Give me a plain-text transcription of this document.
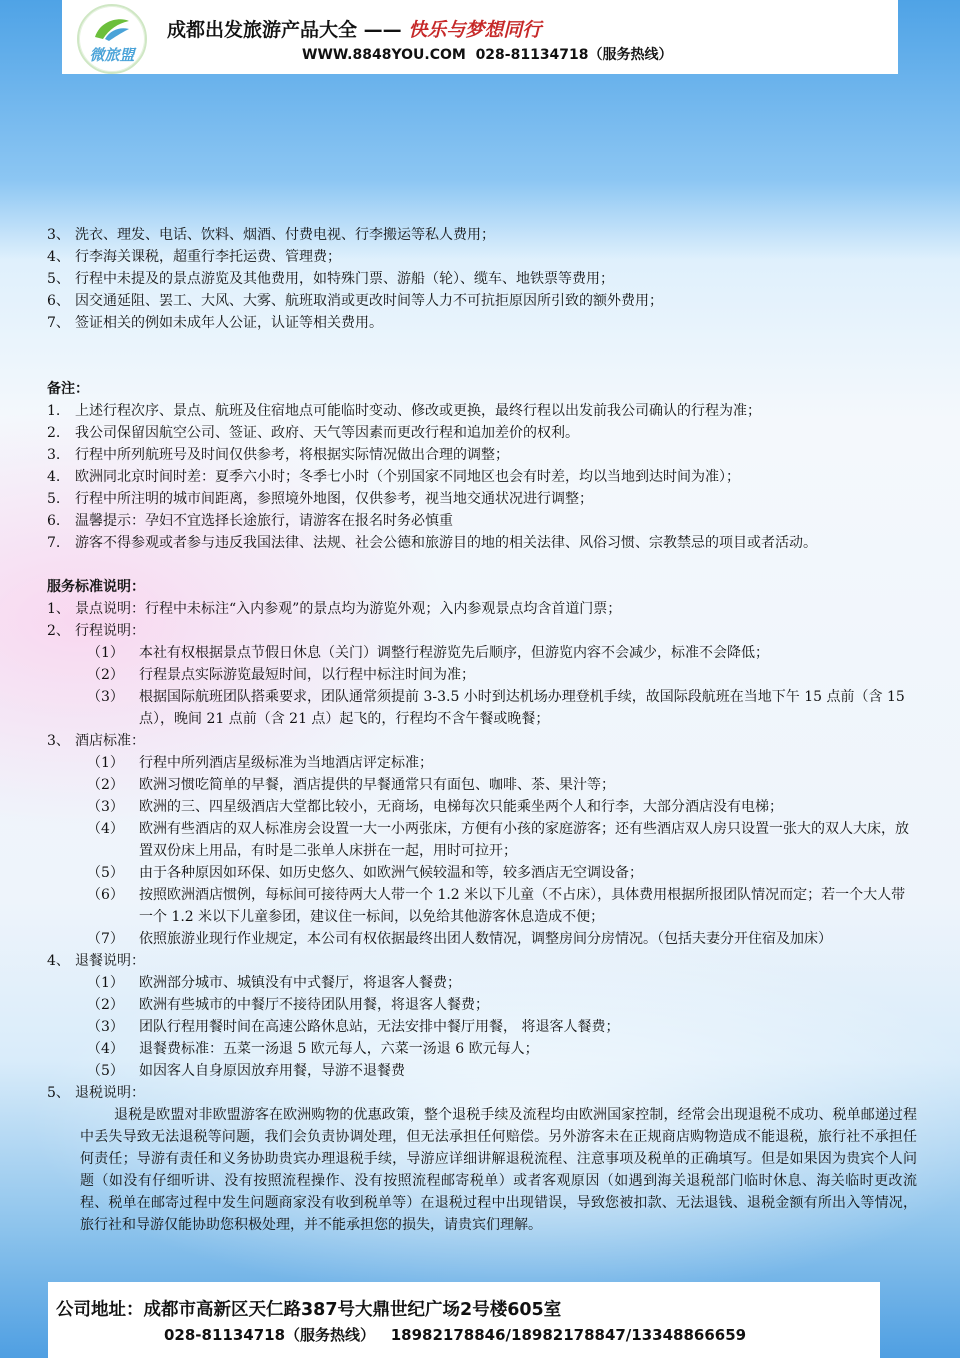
微旅盟
成都出发旅游产品大全 —— 快乐与梦想同行
WWW.8848YOU.COM 028-81134718（服务热线）
3、 洗衣、理发、电话、饮料、烟酒、付费电视、行李搬运等私人费用；
4、 行李海关课税，超重行李托运费、管理费；
5、 行程中未提及的景点游览及其他费用，如特殊门票、游船（轮）、缆车、地铁票等费用；
6、 因交通延阻、罢工、大风、大雾、航班取消或更改时间等人力不可抗拒原因所引致的额外费用；
7、 签证相关的例如未成年人公证，认证等相关费用。
备注：
1.	上述行程次序、景点、航班及住宿地点可能临时变动、修改或更换，最终行程以出发前我公司确认的行程为准；
2.	我公司保留因航空公司、签证、政府、天气等因素而更改行程和追加差价的权利。
3.	行程中所列航班号及时间仅供参考，将根据实际情况做出合理的调整；
4.	欧洲同北京时间时差：夏季六小时；冬季七小时（个别国家不同地区也会有时差，均以当地到达时间为准）；
5.	行程中所注明的城市间距离，参照境外地图，仅供参考，视当地交通状况进行调整；
6.	温馨提示：孕妇不宜选择长途旅行，请游客在报名时务必慎重
7.	游客不得参观或者参与违反我国法律、法规、社会公德和旅游目的地的相关法律、风俗习惯、宗教禁忌的项目或者活动。
服务标准说明：
1、 景点说明：行程中未标注“入内参观”的景点均为游览外观；入内参观景点均含首道门票；
2、 行程说明：
（1）	本社有权根据景点节假日休息（关门）调整行程游览先后顺序，但游览内容不会减少，标准不会降低；
（2）	行程景点实际游览最短时间，以行程中标注时间为准；
（3）	根据国际航班团队搭乘要求，团队通常须提前 3-3.5 小时到达机场办理登机手续，故国际段航班在当地下午 15 点前（含 15 点），晚间 21 点前（含 21 点）起飞的，行程均不含午餐或晚餐；
3、 酒店标准：
（1）	行程中所列酒店星级标准为当地酒店评定标准；
（2）	欧洲习惯吃简单的早餐，酒店提供的早餐通常只有面包、咖啡、茶、果汁等；
（3）	欧洲的三、四星级酒店大堂都比较小，无商场，电梯每次只能乘坐两个人和行李，大部分酒店没有电梯；
（4）	欧洲有些酒店的双人标准房会设置一大一小两张床，方便有小孩的家庭游客；还有些酒店双人房只设置一张大的双人大床，放置双份床上用品，有时是二张单人床拼在一起，用时可拉开；
（5）	由于各种原因如环保、如历史悠久、如欧洲气候较温和等，较多酒店无空调设备；
（6）	按照欧洲酒店惯例，每标间可接待两大人带一个 1.2 米以下儿童（不占床），具体费用根据所报团队情况而定；若一个大人带一个 1.2 米以下儿童参团，建议住一标间，以免给其他游客休息造成不便；
（7）	依照旅游业现行作业规定，本公司有权依据最终出团人数情况，调整房间分房情况。（包括夫妻分开住宿及加床）
4、 退餐说明：
（1）	欧洲部分城市、城镇没有中式餐厅，将退客人餐费；
（2）	欧洲有些城市的中餐厅不接待团队用餐，将退客人餐费；
（3）	团队行程用餐时间在高速公路休息站，无法安排中餐厅用餐， 将退客人餐费；
（4）	退餐费标准：五菜一汤退 5 欧元每人，六菜一汤退 6 欧元每人；
（5）	如因客人自身原因放弃用餐，导游不退餐费
5、 退税说明：
退税是欧盟对非欧盟游客在欧洲购物的优惠政策，整个退税手续及流程均由欧洲国家控制，经常会出现退税不成功、税单邮递过程中丢失导致无法退税等问题，我们会负责协调处理，但无法承担任何赔偿。另外游客未在正规商店购物造成不能退税，旅行社不承担任何责任；导游有责任和义务协助贵宾办理退税手续，导游应详细讲解退税流程、注意事项及税单的正确填写。但是如果因为贵宾个人问题（如没有仔细听讲、没有按照流程操作、没有按照流程邮寄税单）或者客观原因（如遇到海关退税部门临时休息、海关临时更改流程、税单在邮寄过程中发生问题商家没有收到税单等）在退税过程中出现错误，导致您被扣款、无法退钱、退税金额有所出入等情况，旅行社和导游仅能协助您积极处理，并不能承担您的损失，请贵宾们理解。
公司地址：成都市高新区天仁路387号大鼎世纪广场2号楼605室
028-81134718（服务热线） 18982178846/18982178847/13348866659
